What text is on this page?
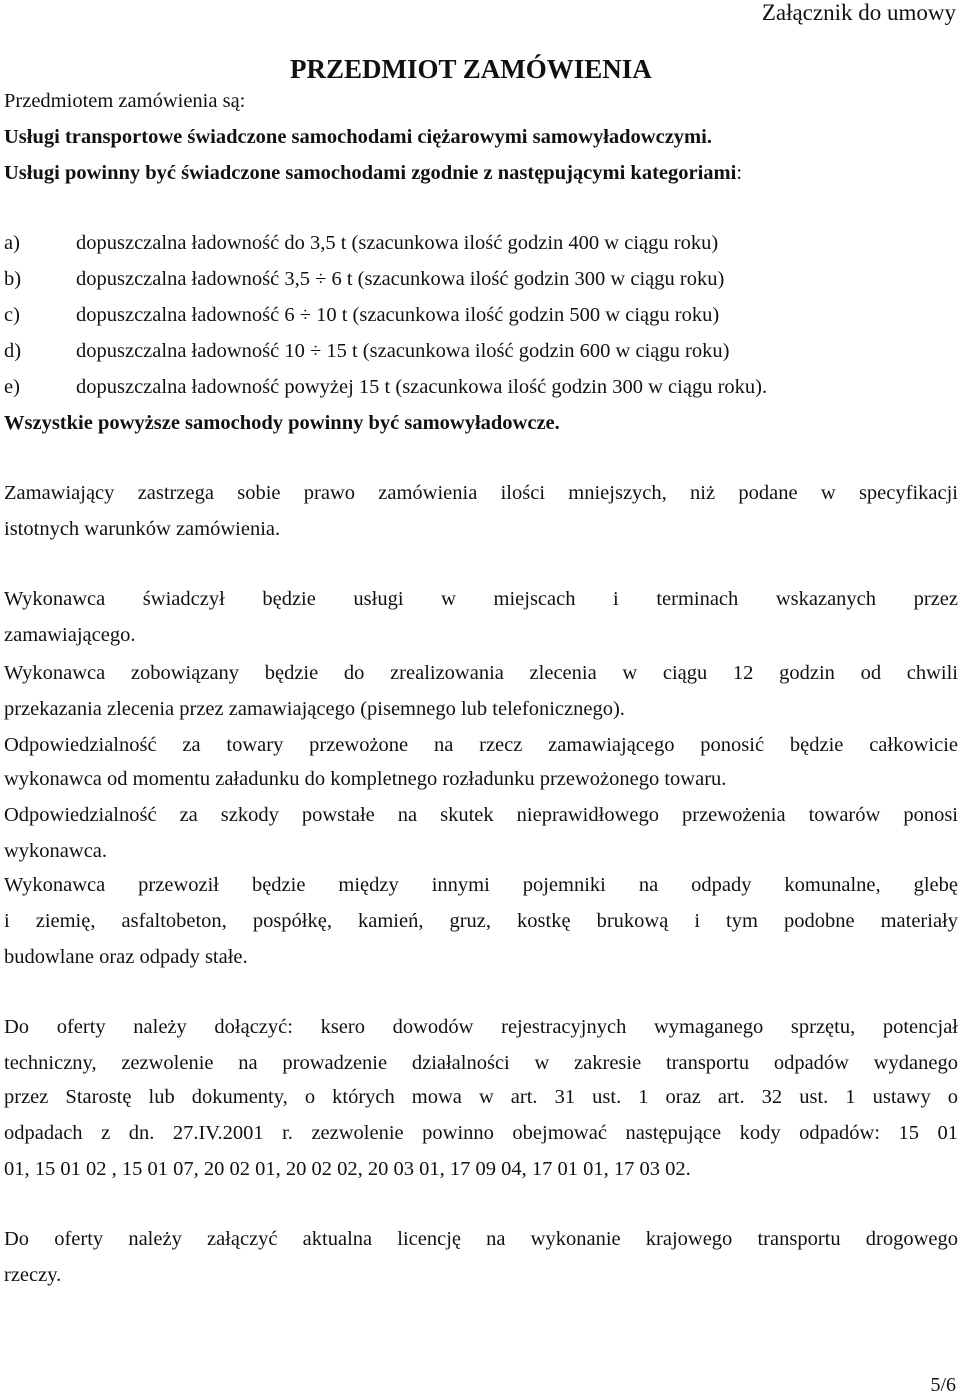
Załącznik do umowy
PRZEDMIOT ZAMÓWIENIA
Przedmiotem zamówienia są:
Usługi transportowe świadczone samochodami ciężarowymi samowyładowczymi.
Usługi powinny być świadczone samochodami zgodnie z następującymi kategoriami:
a)	dopuszczalna ładowność do 3,5 t (szacunkowa ilość godzin 400 w ciągu roku)
b)	dopuszczalna ładowność 3,5 ÷ 6 t (szacunkowa ilość godzin 300 w ciągu roku)
c)	dopuszczalna ładowność 6 ÷ 10 t (szacunkowa ilość godzin 500 w ciągu roku)
d)	dopuszczalna ładowność 10 ÷ 15 t (szacunkowa ilość godzin 600 w ciągu roku)
e)	dopuszczalna ładowność powyżej 15 t (szacunkowa ilość godzin 300 w ciągu roku).
Wszystkie powyższe samochody powinny być samowyładowcze.
Zamawiający zastrzega sobie prawo zamówienia ilości mniejszych, niż podane w specyfikacji
istotnych warunków zamówienia.
Wykonawca świadczył będzie usługi w miejscach i terminach wskazanych przez
zamawiającego.
Wykonawca zobowiązany będzie do zrealizowania zlecenia w ciągu 12 godzin od chwili
przekazania zlecenia przez zamawiającego (pisemnego lub telefonicznego).
Odpowiedzialność za towary przewożone na rzecz zamawiającego ponosić będzie całkowicie
wykonawca od momentu załadunku do kompletnego rozładunku przewożonego towaru.
Odpowiedzialność za szkody powstałe na skutek nieprawidłowego przewożenia towarów ponosi
wykonawca.
Wykonawca przewoził będzie między innymi pojemniki na odpady komunalne, glebę
i ziemię, asfaltobeton, pospółkę, kamień, gruz, kostkę brukową i tym podobne materiały
budowlane oraz odpady stałe.
Do oferty należy dołączyć: ksero dowodów rejestracyjnych wymaganego sprzętu, potencjał
techniczny, zezwolenie na prowadzenie działalności w zakresie transportu odpadów wydanego
przez Starostę lub dokumenty, o których mowa w art. 31 ust. 1 oraz art. 32 ust. 1 ustawy o
odpadach z dn. 27.IV.2001 r. zezwolenie powinno obejmować następujące kody odpadów: 15 01
01, 15 01 02 , 15 01 07, 20 02 01, 20 02 02, 20 03 01, 17 09 04, 17 01 01, 17 03 02.
Do oferty należy załączyć aktualna licencję na wykonanie krajowego transportu drogowego
rzeczy.
5/6
